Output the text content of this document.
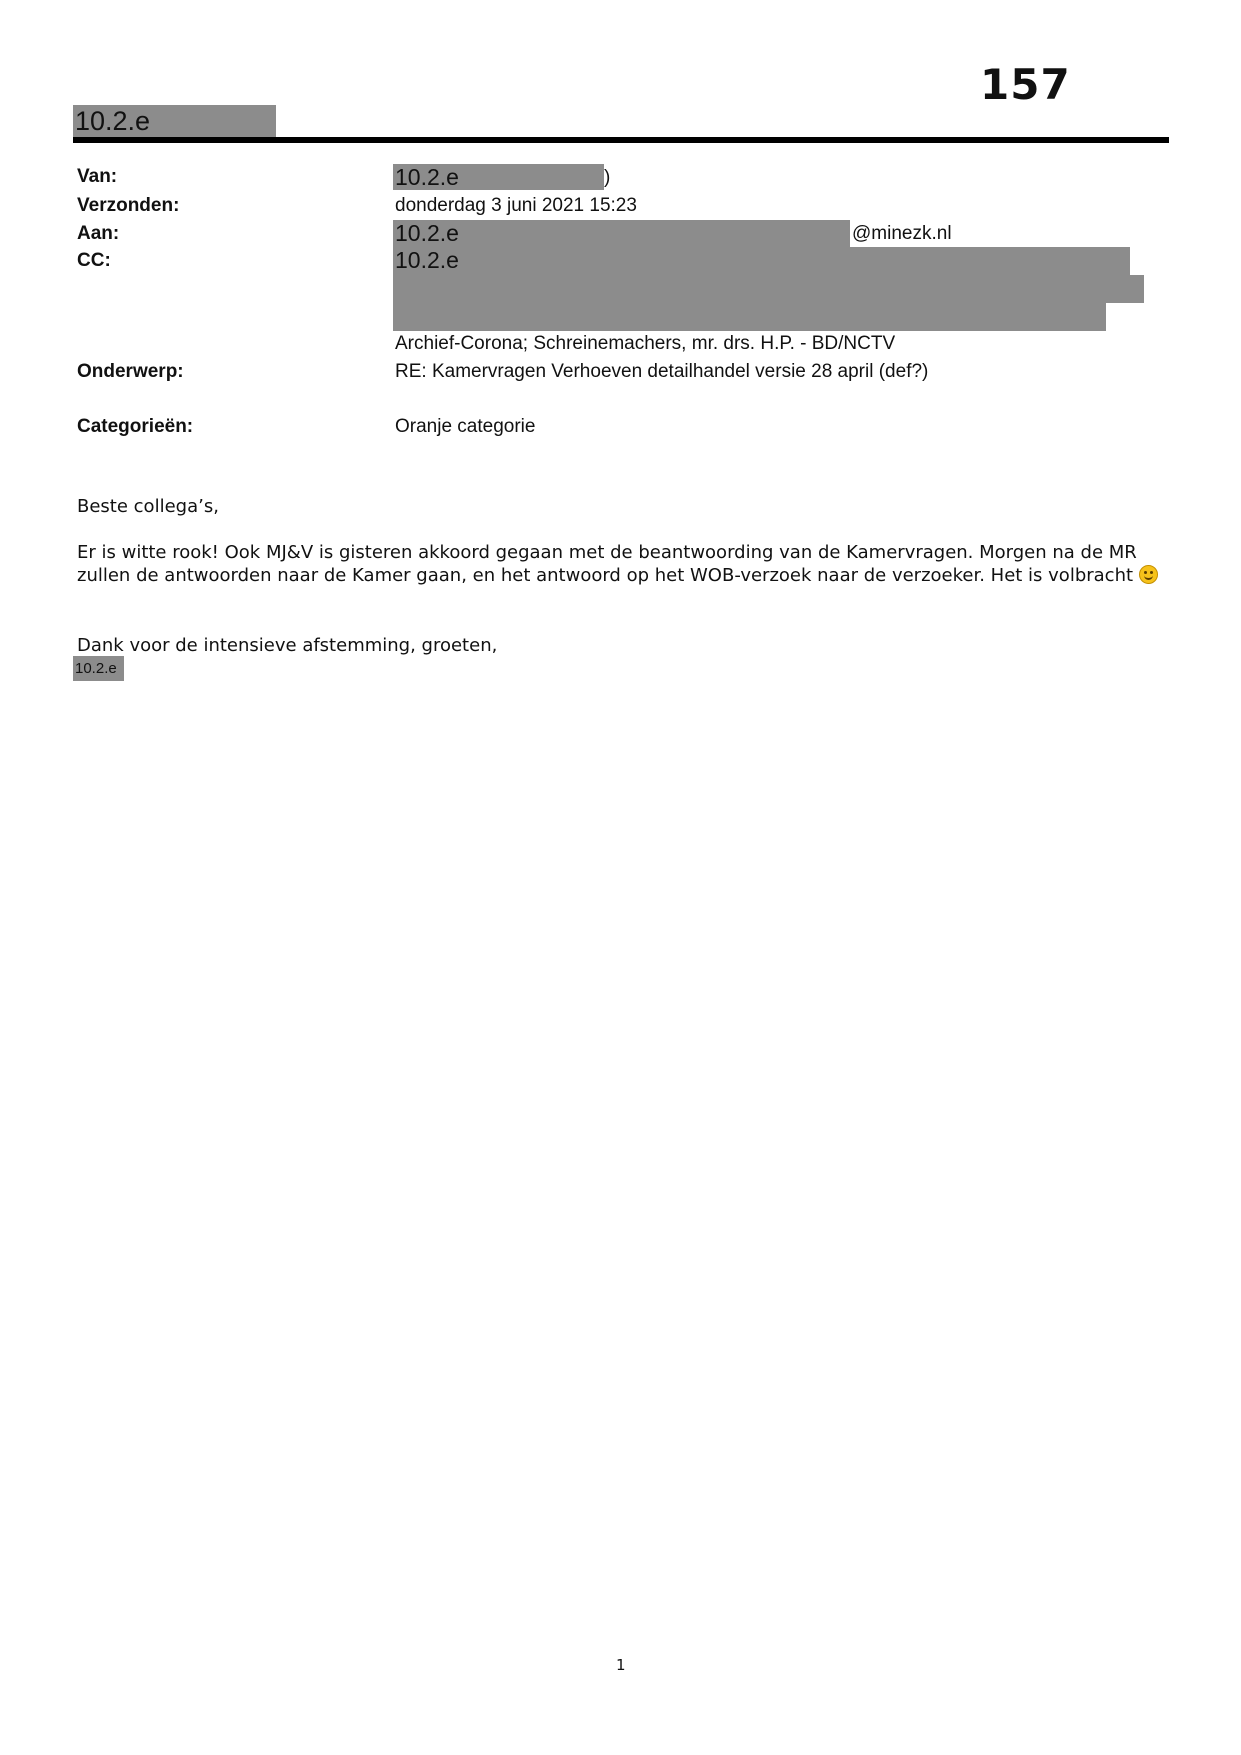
157
10.2.e
Van:	10.2.e	)
Verzonden:	donderdag 3 juni 2021 15:23
Aan:	10.2.e	@minezk.nl
CC:	10.2.e
Archief-Corona; Schreinemachers, mr. drs. H.P. - BD/NCTV
Onderwerp:	RE: Kamervragen Verhoeven detailhandel versie 28 april (def?)
Categorieën:	Oranje categorie
Beste collega’s,
Er is witte rook! Ook MJ&V is gisteren akkoord gegaan met de beantwoording van de Kamervragen. Morgen na de MR zullen de antwoorden naar de Kamer gaan, en het antwoord op het WOB-verzoek naar de verzoeker. Het is volbracht
Dank voor de intensieve afstemming, groeten,
10.2.e
1
